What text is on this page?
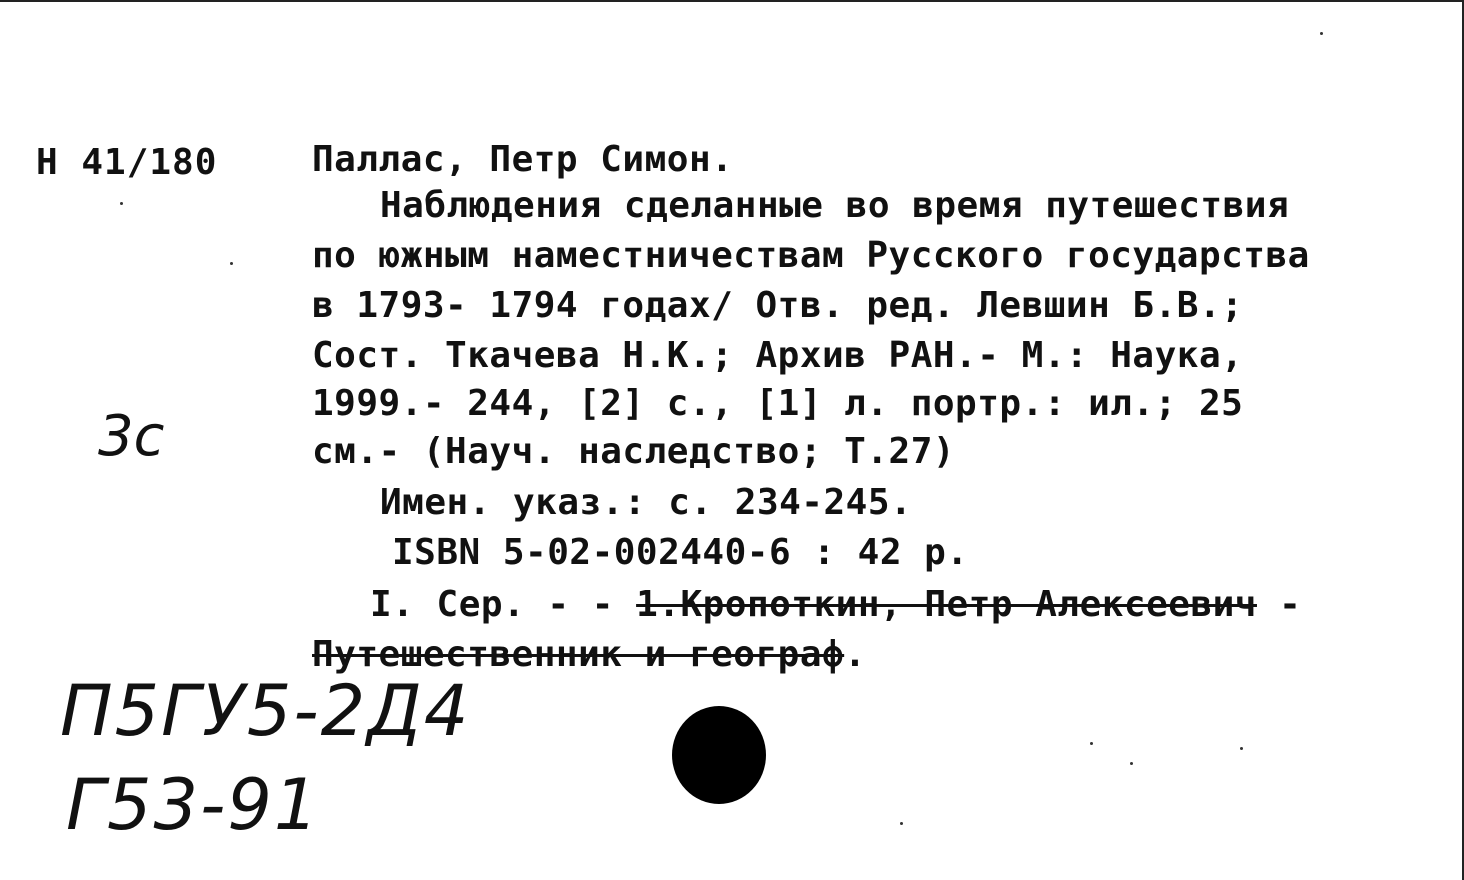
Н 41/180	Паллас, Петр Симон.
Наблюдения сделанные во время путешествия
по южным наместничествам Русского государства
в 1793- 1794 годах/ Отв. ред. Левшин Б.В.;
Сост. Ткачева Н.К.; Архив РАН.- М.: Наука,
1999.- 244, [2] с., [1] л. портр.: ил.; 25
см.- (Науч. наследство; Т.27)
Имен. указ.: с. 234-245.
ISBN 5-02-002440-6 : 42 р.
I. Сер. - - 1.Кропоткин, Петр Алексеевич -
Путешественник и географ.
3с
П5ГУ5-2Д4
Г53-91
